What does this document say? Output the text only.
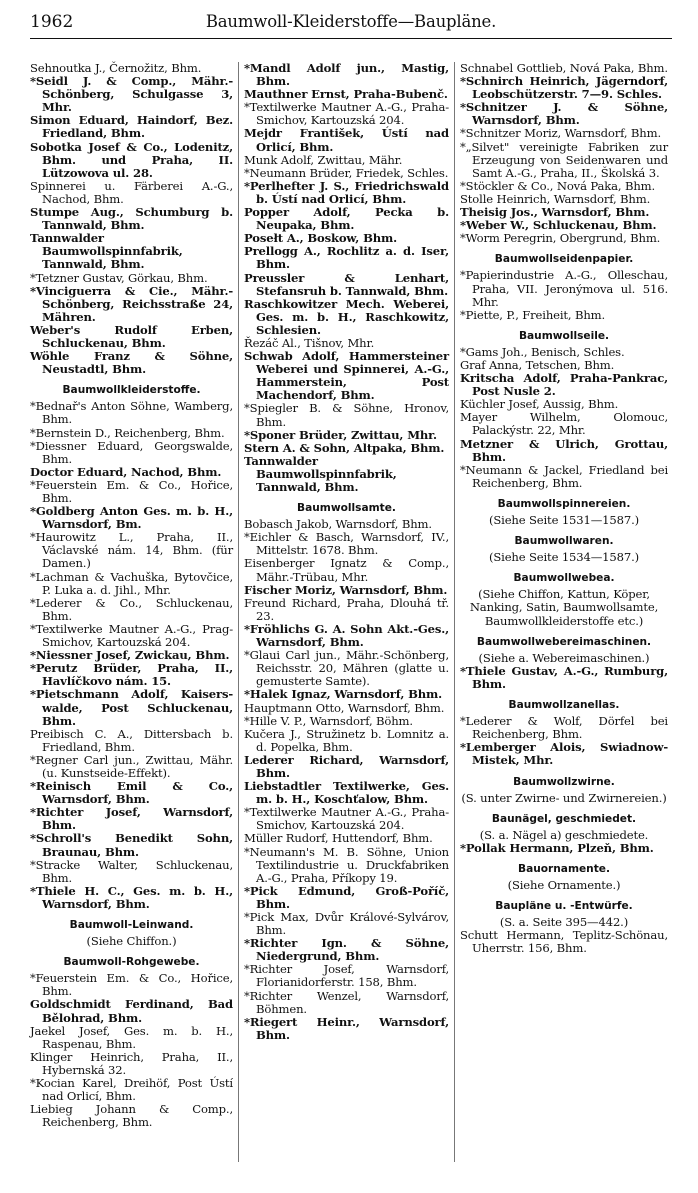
1962	Baumwoll-Kleiderstoffe—Baupläne.
Sehnoutka J., Černožitz, Bhm.
*Seidl J. & Comp., Mähr.-Schönberg, Schulgasse 3, Mhr.
Simon Eduard, Haindorf, Bez. Friedland, Bhm.
Sobotka Josef & Co., Lodenitz, Bhm. und Praha, II. Lützowova ul. 28.
Spinnerei u. Färberei A.-G., Nachod, Bhm.
Stumpe Aug., Schumburg b. Tannwald, Bhm.
Tannwalder Baumwollspinnfabrik, Tannwald, Bhm.
*Tetzner Gustav, Görkau, Bhm.
*Vinciguerra & Cie., Mähr.-Schönberg, Reichsstraße 24, Mähren.
Weber's Rudolf Erben, Schluckenau, Bhm.
Wöhle Franz & Söhne, Neustadtl, Bhm.
Baumwollkleiderstoffe.
*Bednař's Anton Söhne, Wamberg, Bhm.
*Bernstein D., Reichenberg, Bhm.
*Diessner Eduard, Georgswalde, Bhm.
Doctor Eduard, Nachod, Bhm.
*Feuerstein Em. & Co., Hořice, Bhm.
*Goldberg Anton Ges. m. b. H., Warnsdorf, Bm.
*Haurowitz L., Praha, II., Václavské nám. 14, Bhm. (für Damen.)
*Lachman & Vachuška, Bytovčice, P. Luka a. d. Jihl., Mhr.
*Lederer & Co., Schluckenau, Bhm.
*Textilwerke Mautner A.-G., Prag-Smichov, Kartouzská 204.
*Niessner Josef, Zwickau, Bhm.
*Perutz Brüder, Praha, II., Havlíčkovo nám. 15.
*Pietschmann Adolf, Kaisers-walde, Post Schluckenau, Bhm.
Preibisch C. A., Dittersbach b. Friedland, Bhm.
*Regner Carl jun., Zwittau, Mähr. (u. Kunstseide-Effekt).
*Reinisch Emil & Co., Warnsdorf, Bhm.
*Richter Josef, Warnsdorf, Bhm.
*Schroll's Benedikt Sohn, Braunau, Bhm.
*Stracke Walter, Schluckenau, Bhm.
*Thiele H. C., Ges. m. b. H., Warnsdorf, Bhm.
Baumwoll-Leinwand.
(Siehe Chiffon.)
Baumwoll-Rohgewebe.
*Feuerstein Em. & Co., Hořice, Bhm.
Goldschmidt Ferdinand, Bad Bělohrad, Bhm.
Jaekel Josef, Ges. m. b. H., Raspenau, Bhm.
Klinger Heinrich, Praha, II., Hybernská 32.
*Kocian Karel, Dreihöf, Post Ústí nad Orlicí, Bhm.
Liebieg Johann & Comp., Reichenberg, Bhm.
*Mandl Adolf jun., Mastig, Bhm.
Mauthner Ernst, Praha-Bubenč.
*Textilwerke Mautner A.-G., Praha-Smichov, Kartouzská 204.
Mejdr František, Ústí nad Orlicí, Bhm.
Munk Adolf, Zwittau, Mähr.
*Neumann Brüder, Friedek, Schles.
*Perlhefter J. S., Friedrichswald b. Ústí nad Orlicí, Bhm.
Popper Adolf, Pecka b. Neupaka, Bhm.
Posełt A., Boskow, Bhm.
Prellogg A., Rochlitz a. d. Iser, Bhm.
Preussler & Lenhart, Stefansruh b. Tannwald, Bhm.
Raschkowitzer Mech. Weberei, Ges. m. b. H., Raschkowitz, Schlesien.
Řezáč Al., Tišnov, Mhr.
Schwab Adolf, Hammersteiner Weberei und Spinnerei, A.-G., Hammerstein, Post Machendorf, Bhm.
*Spiegler B. & Söhne, Hronov, Bhm.
*Sponer Brüder, Zwittau, Mhr.
Stern A. & Sohn, Altpaka, Bhm.
Tannwalder Baumwollspinnfabrik, Tannwald, Bhm.
Baumwollsamte.
Bobasch Jakob, Warnsdorf, Bhm.
*Eichler & Basch, Warnsdorf, IV., Mittelstr. 1678. Bhm.
Eisenberger Ignatz & Comp., Mähr.-Trübau, Mhr.
Fischer Moriz, Warnsdorf, Bhm.
Freund Richard, Praha, Dlouhá tř. 23.
*Fröhlichs G. A. Sohn Akt.-Ges., Warnsdorf, Bhm.
*Glaui Carl jun., Mähr.-Schönberg, Reichsstr. 20, Mähren (glatte u. gemusterte Samte).
*Halek Ignaz, Warnsdorf, Bhm.
Hauptmann Otto, Warnsdorf, Bhm.
*Hille V. P., Warnsdorf, Böhm.
Kučera J., Stružinetz b. Lomnitz a. d. Popelka, Bhm.
Lederer Richard, Warnsdorf, Bhm.
Liebstadtler Textilwerke, Ges. m. b. H., Koschťalow, Bhm.
*Textilwerke Mautner A.-G., Praha-Smichov, Kartouzská 204.
Müller Rudorf, Huttendorf, Bhm.
*Neumann's M. B. Söhne, Union Textilindustrie u. Druckfabriken A.-G., Praha, Příkopy 19.
*Pick Edmund, Groß-Poříč, Bhm.
*Pick Max, Dvůr Králové-Sylvárov, Bhm.
*Richter Ign. & Söhne, Niedergrund, Bhm.
*Richter Josef, Warnsdorf, Florianidorferstr. 158, Bhm.
*Richter Wenzel, Warnsdorf, Böhmen.
*Riegert Heinr., Warnsdorf, Bhm.
Schnabel Gottlieb, Nová Paka, Bhm.
*Schnirch Heinrich, Jägerndorf, Leobschützerstr. 7—9. Schles.
*Schnitzer J. & Söhne, Warnsdorf, Bhm.
*Schnitzer Moriz, Warnsdorf, Bhm.
*„Silvet" vereinigte Fabriken zur Erzeugung von Seidenwaren und Samt A.-G., Praha, II., Školská 3.
*Stöckler & Co., Nová Paka, Bhm.
Stolle Heinrich, Warnsdorf, Bhm.
Theisig Jos., Warnsdorf, Bhm.
*Weber W., Schluckenau, Bhm.
*Worm Peregrin, Obergrund, Bhm.
Baumwollseidenpapier.
*Papierindustrie A.-G., Olleschau, Praha, VII. Jeronýmova ul. 516. Mhr.
*Piette, P., Freiheit, Bhm.
Baumwollseile.
*Gams Joh., Benisch, Schles.
Graf Anna, Tetschen, Bhm.
Kritscha Adolf, Praha-Pankrac, Post Nusle 2.
Küchler Josef, Aussig, Bhm.
Mayer Wilhelm, Olomouc, Palackýstr. 22, Mhr.
Metzner & Ulrich, Grottau, Bhm.
*Neumann & Jackel, Friedland bei Reichenberg, Bhm.
Baumwollspinnereien.
(Siehe Seite 1531—1587.)
Baumwollwaren.
(Siehe Seite 1534—1587.)
Baumwollwebea.
(Siehe Chiffon, Kattun, Köper, Nanking, Satin, Baumwollsamte, Baumwollkleiderstoffe etc.)
Baumwollwebereimaschinen.
(Siehe a. Webereimaschinen.)
*Thiele Gustav, A.-G., Rumburg, Bhm.
Baumwollzanellas.
*Lederer & Wolf, Dörfel bei Reichenberg, Bhm.
*Lemberger Alois, Swiadnow-Mistek, Mhr.
Baumwollzwirne.
(S. unter Zwirne- und Zwirnereien.)
Baunägel, geschmiedet.
(S. a. Nägel a) geschmiedete.
*Pollak Hermann, Plzeň, Bhm.
Bauornamente.
(Siehe Ornamente.)
Baupläne u. -Entwürfe.
(S. a. Seite 395—442.)
Schutt Hermann, Teplitz-Schönau, Uherrstr. 156, Bhm.
